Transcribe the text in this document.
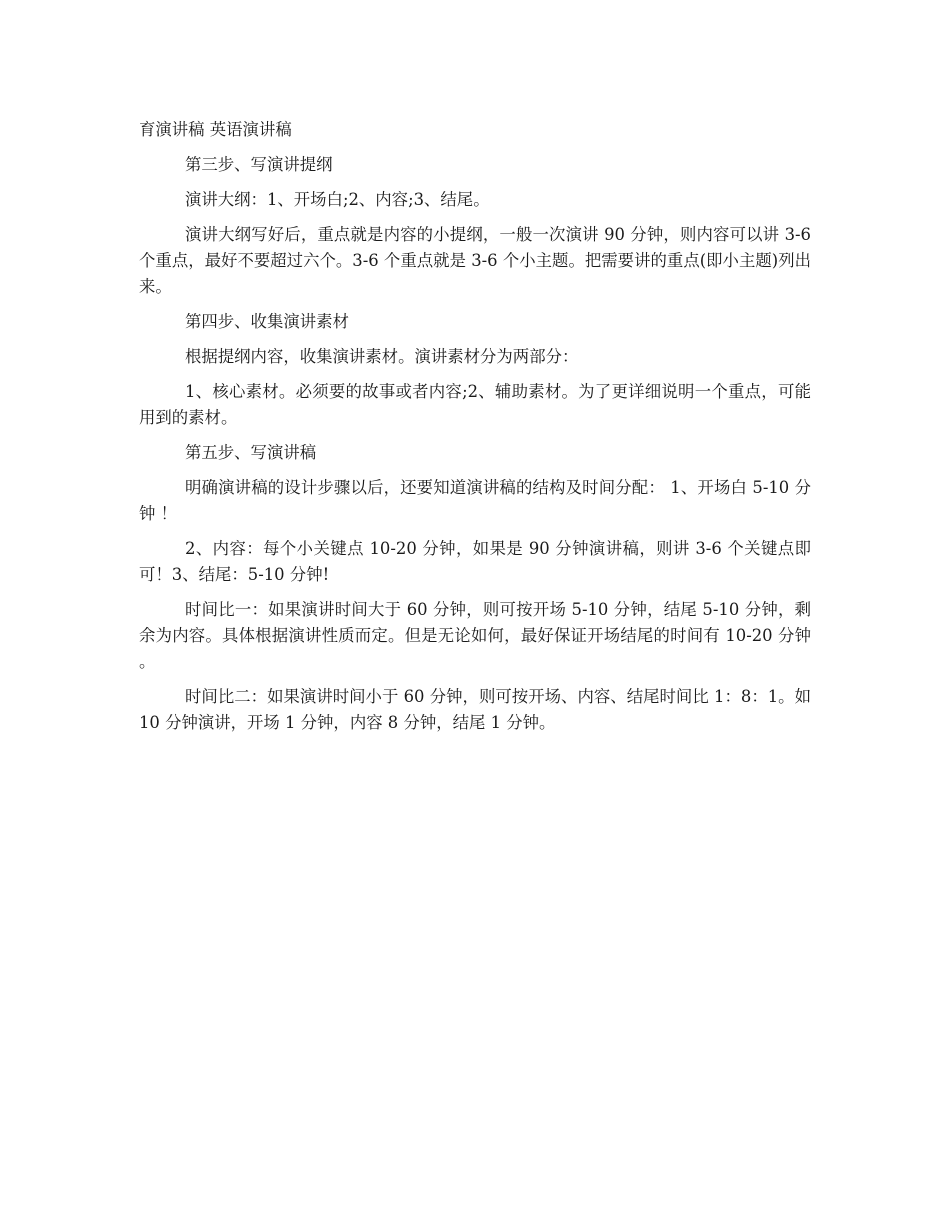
育演讲稿 英语演讲稿

第三步、写演讲提纲

演讲大纲：1、开场白;2、内容;3、结尾。

演讲大纲写好后，重点就是内容的小提纲，一般一次演讲 90 分钟，则内容可以讲 3-6 个重点，最好不要超过六个。3-6 个重点就是 3-6 个小主题。把需要讲的重点(即小主题)列出来。

第四步、收集演讲素材

根据提纲内容，收集演讲素材。演讲素材分为两部分：

1、核心素材。必须要的故事或者内容;2、辅助素材。为了更详细说明一个重点，可能用到的素材。

第五步、写演讲稿

明确演讲稿的设计步骤以后，还要知道演讲稿的结构及时间分配： 1、开场白 5-10 分钟 ！

2、内容：每个小关键点 10-20 分钟，如果是 90 分钟演讲稿，则讲 3-6 个关键点即可！3、结尾：5-10 分钟!

时间比一：如果演讲时间大于 60 分钟，则可按开场 5-10 分钟，结尾 5-10 分钟，剩余为内容。具体根据演讲性质而定。但是无论如何，最好保证开场结尾的时间有 10-20 分钟。

时间比二：如果演讲时间小于 60 分钟，则可按开场、内容、结尾时间比 1：8：1。如 10 分钟演讲，开场 1 分钟，内容 8 分钟，结尾 1 分钟。
